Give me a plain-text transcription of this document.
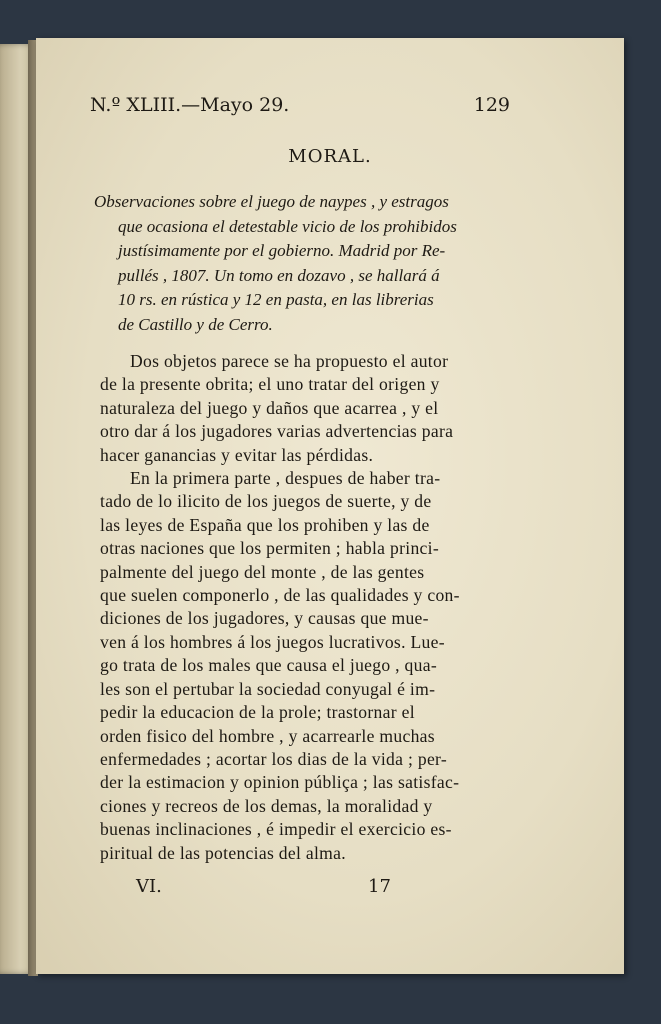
N.º XLIII.—Mayo 29.	129
MORAL.
Observaciones sobre el juego de naypes , y estragos
que ocasiona el detestable vicio de los prohibidos
justísimamente por el gobierno. Madrid por Re-
pullés , 1807. Un tomo en dozavo , se hallará á
10 rs. en rústica y 12 en pasta, en las librerias
de Castillo y de Cerro.
Dos objetos parece se ha propuesto el autor
de la presente obrita; el uno tratar del origen y
naturaleza del juego y daños que acarrea , y el
otro dar á los jugadores varias advertencias para
hacer ganancias y evitar las pérdidas.
En la primera parte , despues de haber tra-
tado de lo ilicito de los juegos de suerte, y de
las leyes de España que los prohiben y las de
otras naciones que los permiten ; habla princi-
palmente del juego del monte , de las gentes
que suelen componerlo , de las qualidades y con-
diciones de los jugadores, y causas que mue-
ven á los hombres á los juegos lucrativos. Lue-
go trata de los males que causa el juego , qua-
les son el pertubar la sociedad conyugal é im-
pedir la educacion de la prole; trastornar el
orden fisico del hombre , y acarrearle muchas
enfermedades ; acortar los dias de la vida ; per-
der la estimacion y opinion públiça ; las satisfac-
ciones y recreos de los demas, la moralidad y
buenas inclinaciones , é impedir el exercicio es-
piritual de las potencias del alma.
VI.	17
